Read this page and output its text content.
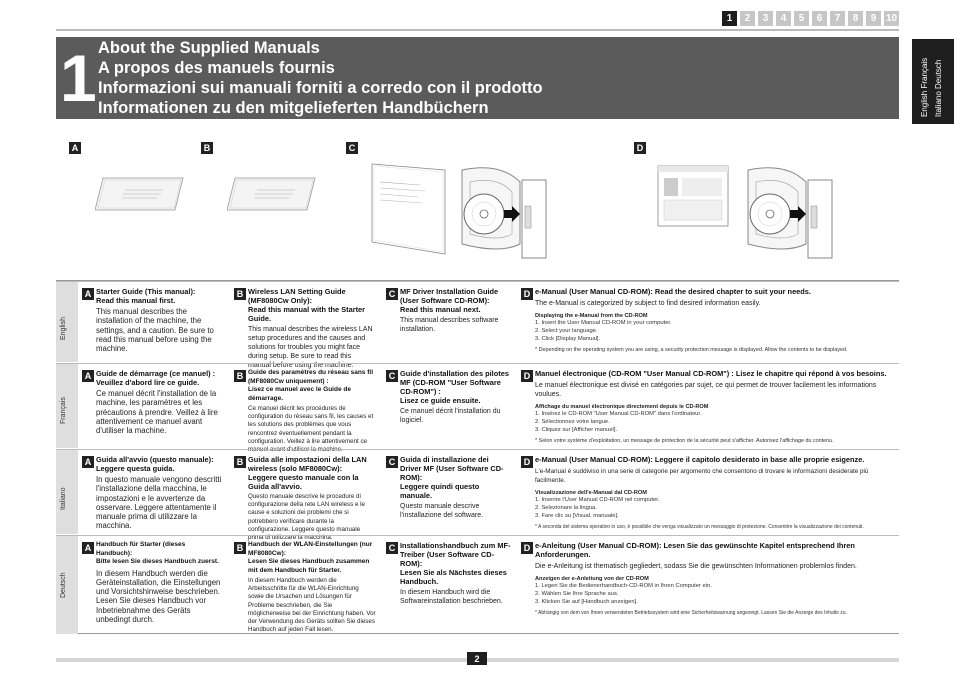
1	2	3	4	5	6	7	8	9 10
1 About the Supplied Manuals
A propos des manuels fournis
Informazioni sui manuali forniti a corredo con il prodotto
Informationen zu den mitgelieferten Handbüchern	English Français Italiano Deutsch
A	B	C	D
English
A Starter Guide (This manual):
Read this manual first.
This manual describes the installation of the machine, the settings, and a caution. Be sure to read this manual before using the machine.
B Wireless LAN Setting Guide (MF8080Cw Only):
Read this manual with the Starter Guide.
This manual describes the wireless LAN setup procedures and the causes and solutions for troubles you might face during setup. Be sure to read this manual before using the machine.
C MF Driver Installation Guide (User Software CD-ROM):
Read this manual next.
This manual describes software installation.
D e-Manual (User Manual CD-ROM): Read the desired chapter to suit your needs.
The e-Manual is categorized by subject to find desired information easily.
Displaying the e-Manual from the CD-ROM
1. Insert the User Manual CD-ROM in your computer.
2. Select your language.
3. Click [Display Manual].
* Depending on the operating system you are using, a security protection message is displayed. Allow the contents to be displayed.
Français
A Guide de démarrage (ce manuel) :
Veuillez d'abord lire ce guide.
Ce manuel décrit l'installation de la machine, les paramètres et les précautions à prendre. Veillez à lire attentivement ce manuel avant d'utiliser la machine.
B Guide des paramètres du réseau sans fil (MF8080Cw uniquement) :
Lisez ce manuel avec le Guide de démarrage.
Ce manuel décrit les procédures de configuration du réseau sans fil, les causes et les solutions des problèmes que vous rencontrez éventuellement pendant la configuration. Veillez à lire attentivement ce manuel avant d'utiliser la machine.
C Guide d'installation des pilotes MF (CD-ROM "User Software CD-ROM") :
Lisez ce guide ensuite.
Ce manuel décrit l'installation du logiciel.
D Manuel électronique (CD-ROM "User Manual CD-ROM") : Lisez le chapitre qui répond à vos besoins.
Le manuel électronique est divisé en catégories par sujet, ce qui permet de trouver facilement les informations voulues.
Affichage du manuel électronique directement depuis le CD-ROM
1. Insérez le CD-ROM "User Manual CD-ROM" dans l'ordinateur.
2. Sélectionnez votre langue.
3. Cliquez sur [Afficher manuel].
* Selon votre système d'exploitation, un message de protection de la sécurité peut s'afficher. Autorisez l'affichage du contenu.
Italiano
A Guida all'avvio (questo manuale):
Leggere questa guida.
In questo manuale vengono descritti l'installazione della macchina, le impostazioni e le avvertenze da osservare. Leggere attentamente il manuale prima di utilizzare la macchina.
B Guida alle impostazioni della LAN wireless (solo MF8080Cw):
Leggere questo manuale con la Guida all'avvio.
Questo manuale descrive le procedure di configurazione della rete LAN wireless e le cause e soluzioni dei problemi che si potrebbero verificare durante la configurazione. Leggere questo manuale prima di utilizzare la macchina.
C Guida di installazione dei Driver MF (User Software CD-ROM):
Leggere quindi questo manuale.
Questo manuale descrive l'installazione del software.
D e-Manual (User Manual CD-ROM): Leggere il capitolo desiderato in base alle proprie esigenze.
L'e-Manual è suddiviso in una serie di categorie per argomento che consentono di trovare le informazioni desiderate più facilmente.
Visualizzazione dell'e-Manual dal CD-ROM
1. Inserire l'User Manual CD-ROM nel computer.
2. Selezionare la lingua.
3. Fare clic su [Visual. manuale].
* A seconda del sistema operativo in uso, è possibile che venga visualizzato un messaggio di protezione. Consentire la visualizzazione dei contenuti.
Deutsch
A Handbuch für Starter (dieses Handbuch):
Bitte lesen Sie dieses Handbuch zuerst.
In diesem Handbuch werden die Geräteinstallation, die Einstellungen und Vorsichtshinweise beschrieben. Lesen Sie dieses Handbuch vor Inbetriebnahme des Geräts unbedingt durch.
B Handbuch der WLAN-Einstellungen (nur MF8080Cw):
Lesen Sie dieses Handbuch zusammen mit dem Handbuch für Starter.
In diesem Handbuch werden die Arbeitsschritte für die WLAN-Einrichtung sowie die Ursachen und Lösungen für Probleme beschrieben, die Sie möglicherweise bei der Einrichtung haben. Vor der Verwendung des Geräts sollten Sie dieses Handbuch auf jeden Fall lesen.
C Installationshandbuch zum MF-Treiber (User Software CD-ROM):
Lesen Sie als Nächstes dieses Handbuch.
In diesem Handbuch wird die Softwareinstallation beschrieben.
D e-Anleitung (User Manual CD-ROM): Lesen Sie das gewünschte Kapitel entsprechend Ihren Anforderungen.
Die e-Anleitung ist thematisch gegliedert, sodass Sie die gewünschten Informationen problemlos finden.
Anzeigen der e-Anleitung von der CD-ROM
1. Legen Sie die Bedienerhandbuch-CD-ROM in Ihren Computer ein.
2. Wählen Sie Ihre Sprache aus.
3. Klicken Sie auf [Handbuch anzeigen].
* Abhängig von dem von Ihnen verwendeten Betriebssystem wird eine Sicherheitswarnung angezeigt. Lassen Sie die Anzeige des Inhalts zu.
2
